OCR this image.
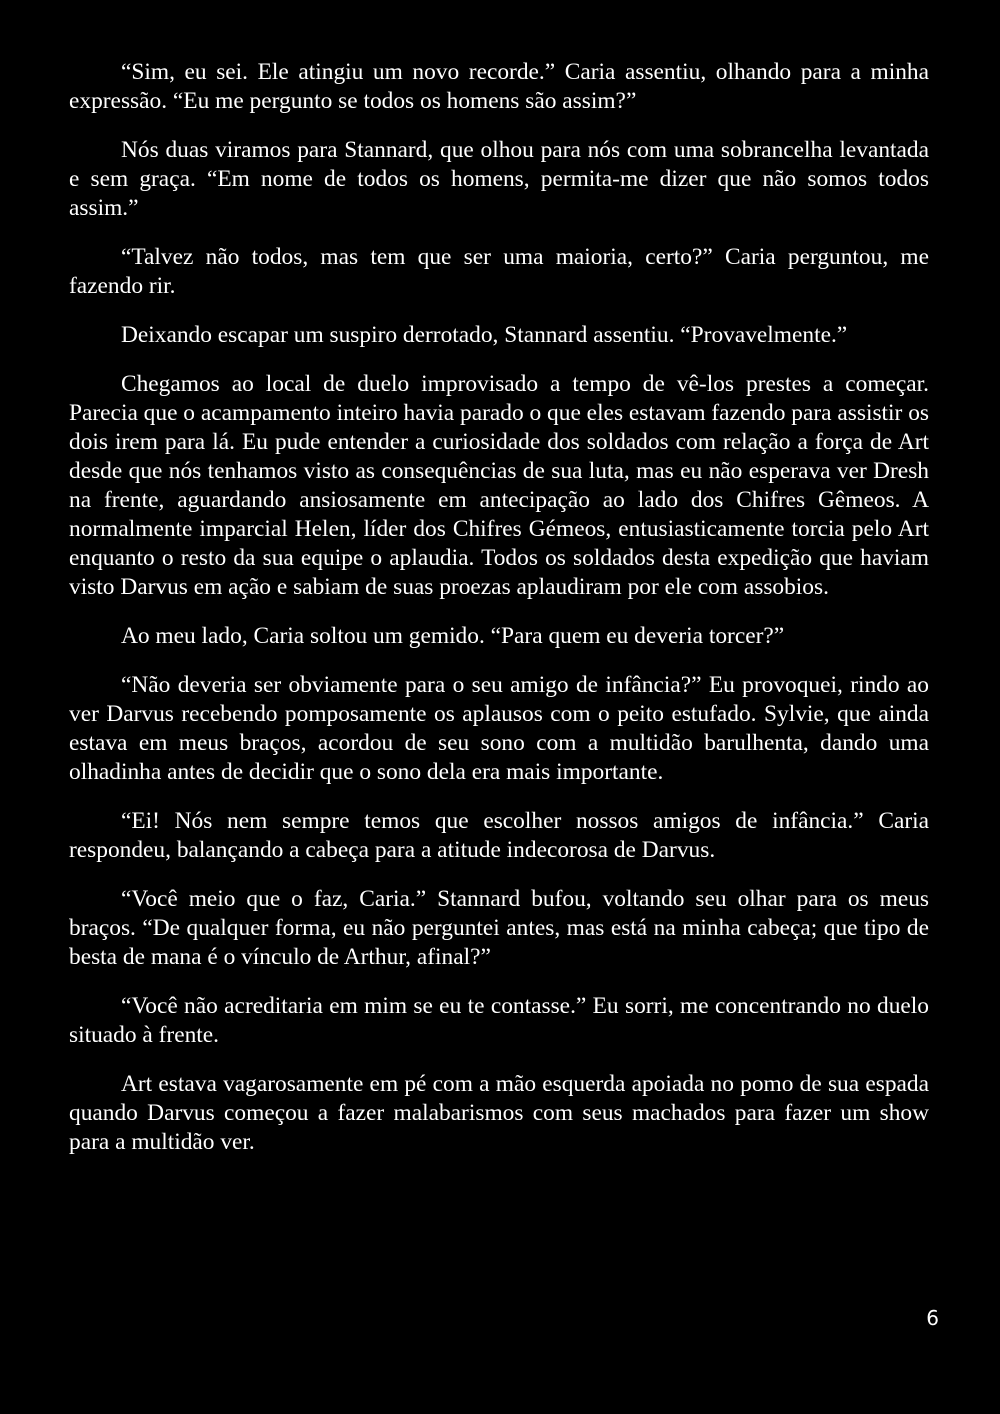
“Sim, eu sei. Ele atingiu um novo recorde.” Caria assentiu, olhando para a minha expressão. “Eu me pergunto se todos os homens são assim?”

Nós duas viramos para Stannard, que olhou para nós com uma sobrancelha levantada e sem graça. “Em nome de todos os homens, permita-me dizer que não somos todos assim.”

“Talvez não todos, mas tem que ser uma maioria, certo?” Caria perguntou, me fazendo rir.

Deixando escapar um suspiro derrotado, Stannard assentiu. “Provavelmente.”

Chegamos ao local de duelo improvisado a tempo de vê-los prestes a começar. Parecia que o acampamento inteiro havia parado o que eles estavam fazendo para assistir os dois irem para lá. Eu pude entender a curiosidade dos soldados com relação a força de Art desde que nós tenhamos visto as consequências de sua luta, mas eu não esperava ver Dresh na frente, aguardando ansiosamente em antecipação ao lado dos Chifres Gêmeos. A normalmente imparcial Helen, líder dos Chifres Gémeos, entusiasticamente torcia pelo Art enquanto o resto da sua equipe o aplaudia. Todos os soldados desta expedição que haviam visto Darvus em ação e sabiam de suas proezas aplaudiram por ele com assobios.

Ao meu lado, Caria soltou um gemido. “Para quem eu deveria torcer?”

“Não deveria ser obviamente para o seu amigo de infância?” Eu provoquei, rindo ao ver Darvus recebendo pomposamente os aplausos com o peito estufado. Sylvie, que ainda estava em meus braços, acordou de seu sono com a multidão barulhenta, dando uma olhadinha antes de decidir que o sono dela era mais importante.

“Ei! Nós nem sempre temos que escolher nossos amigos de infância.” Caria respondeu, balançando a cabeça para a atitude indecorosa de Darvus.

“Você meio que o faz, Caria.” Stannard bufou, voltando seu olhar para os meus braços. “De qualquer forma, eu não perguntei antes, mas está na minha cabeça; que tipo de besta de mana é o vínculo de Arthur, afinal?”

“Você não acreditaria em mim se eu te contasse.” Eu sorri, me concentrando no duelo situado à frente.

Art estava vagarosamente em pé com a mão esquerda apoiada no pomo de sua espada quando Darvus começou a fazer malabarismos com seus machados para fazer um show para a multidão ver.

6
